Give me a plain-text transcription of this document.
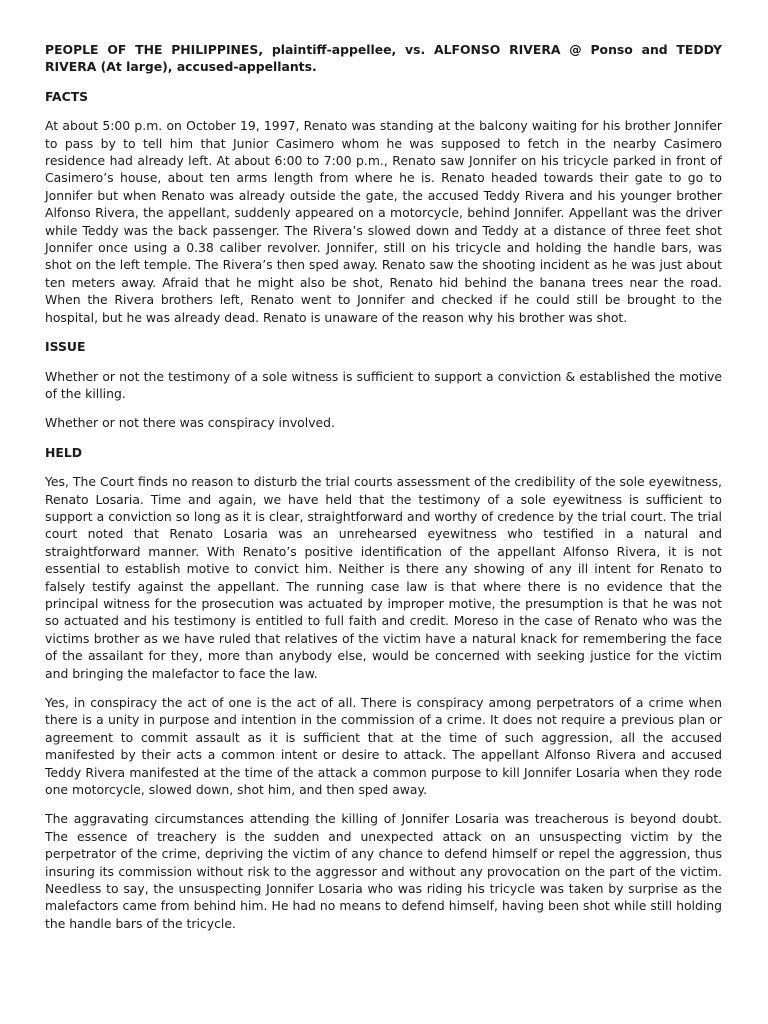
PEOPLE OF THE PHILIPPINES, plaintiff-appellee, vs. ALFONSO RIVERA @ Ponso and TEDDY RIVERA (At large), accused-appellants.

FACTS

At about 5:00 p.m. on October 19, 1997, Renato was standing at the balcony waiting for his brother Jonnifer to pass by to tell him that Junior Casimero whom he was supposed to fetch in the nearby Casimero residence had already left. At about 6:00 to 7:00 p.m., Renato saw Jonnifer on his tricycle parked in front of Casimero’s house, about ten arms length from where he is. Renato headed towards their gate to go to Jonnifer but when Renato was already outside the gate, the accused Teddy Rivera and his younger brother Alfonso Rivera, the appellant, suddenly appeared on a motorcycle, behind Jonnifer. Appellant was the driver while Teddy was the back passenger. The Rivera’s slowed down and Teddy at a distance of three feet shot Jonnifer once using a 0.38 caliber revolver. Jonnifer, still on his tricycle and holding the handle bars, was shot on the left temple. The Rivera’s then sped away. Renato saw the shooting incident as he was just about ten meters away. Afraid that he might also be shot, Renato hid behind the banana trees near the road. When the Rivera brothers left, Renato went to Jonnifer and checked if he could still be brought to the hospital, but he was already dead. Renato is unaware of the reason why his brother was shot.

ISSUE

Whether or not the testimony of a sole witness is sufficient to support a conviction & established the motive of the killing.

Whether or not there was conspiracy involved.

HELD

Yes, The Court finds no reason to disturb the trial courts assessment of the credibility of the sole eyewitness, Renato Losaria. Time and again, we have held that the testimony of a sole eyewitness is sufficient to support a conviction so long as it is clear, straightforward and worthy of credence by the trial court. The trial court noted that Renato Losaria was an unrehearsed eyewitness who testified in a natural and straightforward manner. With Renato’s positive identification of the appellant Alfonso Rivera, it is not essential to establish motive to convict him. Neither is there any showing of any ill intent for Renato to falsely testify against the appellant. The running case law is that where there is no evidence that the principal witness for the prosecution was actuated by improper motive, the presumption is that he was not so actuated and his testimony is entitled to full faith and credit. Moreso in the case of Renato who was the victims brother as we have ruled that relatives of the victim have a natural knack for remembering the face of the assailant for they, more than anybody else, would be concerned with seeking justice for the victim and bringing the malefactor to face the law.

Yes, in conspiracy the act of one is the act of all. There is conspiracy among perpetrators of a crime when there is a unity in purpose and intention in the commission of a crime. It does not require a previous plan or agreement to commit assault as it is sufficient that at the time of such aggression, all the accused manifested by their acts a common intent or desire to attack. The appellant Alfonso Rivera and accused Teddy Rivera manifested at the time of the attack a common purpose to kill Jonnifer Losaria when they rode one motorcycle, slowed down, shot him, and then sped away.

The aggravating circumstances attending the killing of Jonnifer Losaria was treacherous is beyond doubt. The essence of treachery is the sudden and unexpected attack on an unsuspecting victim by the perpetrator of the crime, depriving the victim of any chance to defend himself or repel the aggression, thus insuring its commission without risk to the aggressor and without any provocation on the part of the victim. Needless to say, the unsuspecting Jonnifer Losaria who was riding his tricycle was taken by surprise as the malefactors came from behind him. He had no means to defend himself, having been shot while still holding the handle bars of the tricycle.
